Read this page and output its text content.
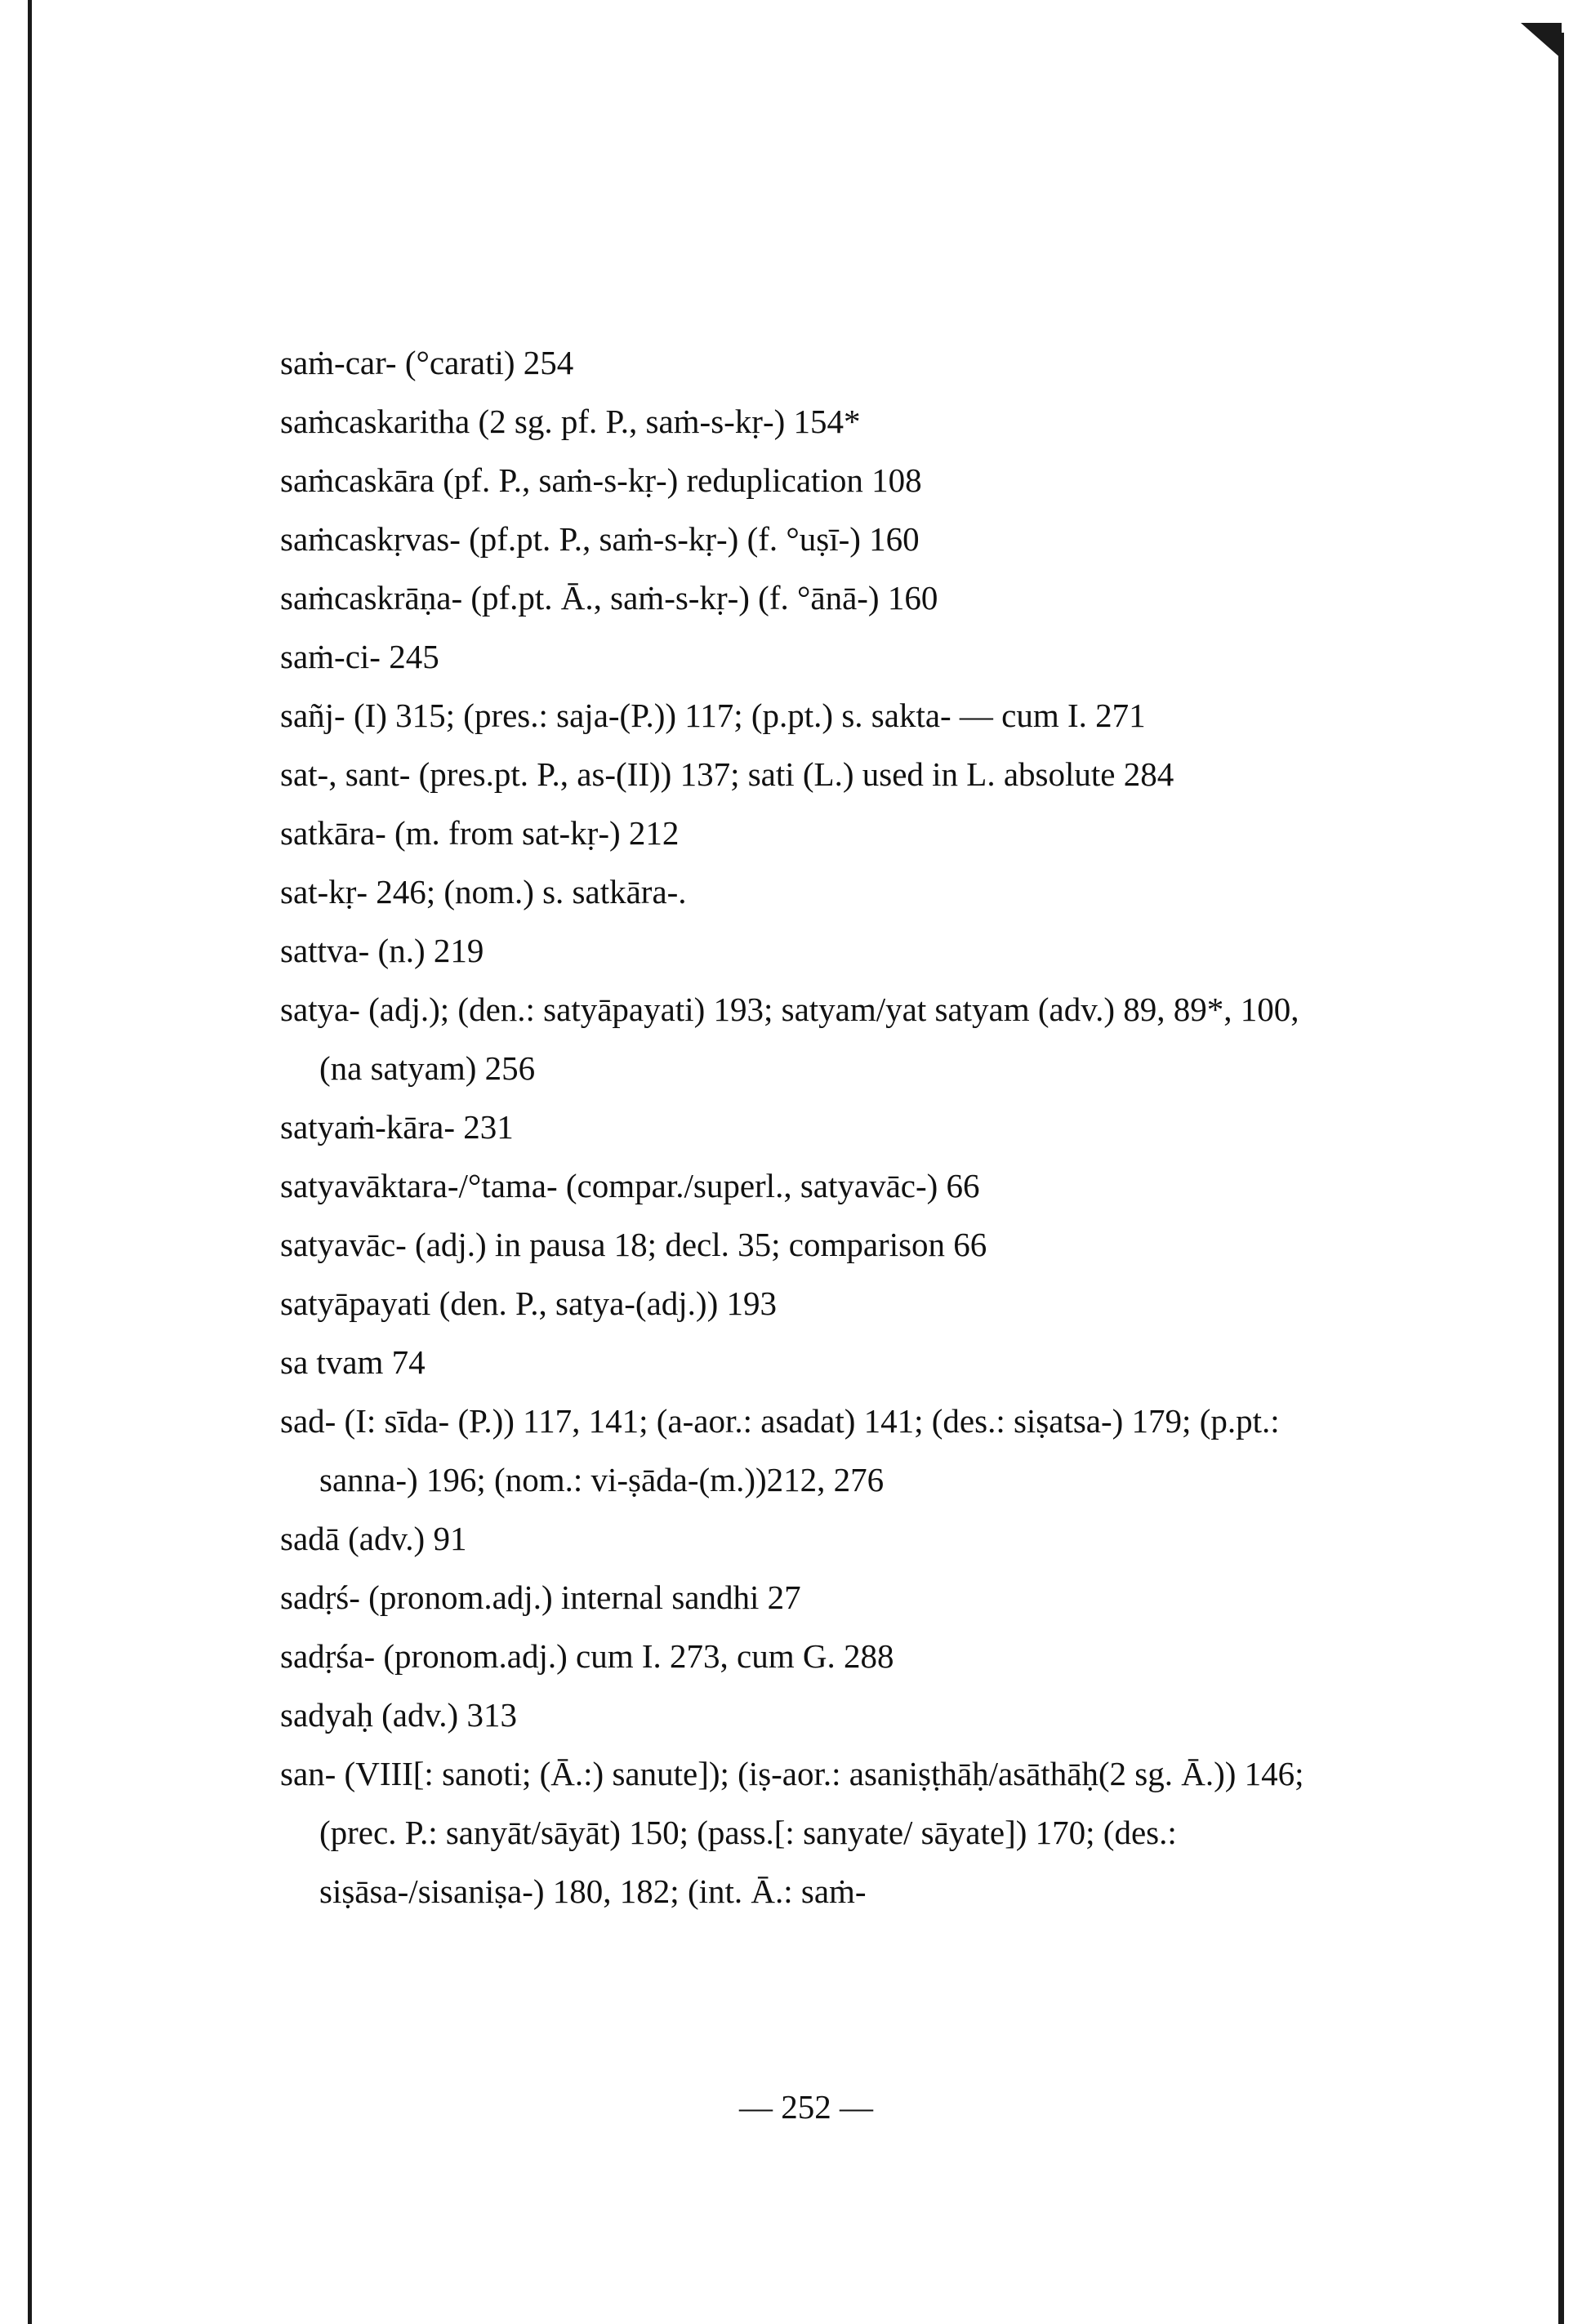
saṁ-car- (°carati) 254
saṁcaskaritha (2 sg. pf. P., saṁ-s-kṛ-) 154*
saṁcaskāra (pf. P., saṁ-s-kṛ-) reduplication 108
saṁcaskṛvas- (pf.pt. P., saṁ-s-kṛ-) (f. °uṣī-) 160
saṁcaskrāṇa- (pf.pt. Ā., saṁ-s-kṛ-) (f. °ānā-) 160
saṁ-ci- 245
sañj- (I) 315; (pres.: saja-(P.)) 117; (p.pt.) s. sakta- — cum I. 271
sat-, sant- (pres.pt. P., as-(II)) 137; sati (L.) used in L. absolute 284
satkāra- (m. from sat-kṛ-) 212
sat-kṛ- 246; (nom.) s. satkāra-.
sattva- (n.) 219
satya- (adj.); (den.: satyāpayati) 193; satyam/yat satyam (adv.) 89, 89*, 100, (na satyam) 256
satyaṁ-kāra- 231
satyavāktara-/°tama- (compar./superl., satyavāc-) 66
satyavāc- (adj.) in pausa 18; decl. 35; comparison 66
satyāpayati (den. P., satya-(adj.)) 193
sa tvam 74
sad- (I: sīda- (P.)) 117, 141; (a-aor.: asadat) 141; (des.: siṣatsa-) 179; (p.pt.: sanna-) 196; (nom.: vi-ṣāda-(m.))212, 276
sadā (adv.) 91
sadṛś- (pronom.adj.) internal sandhi 27
sadṛśa- (pronom.adj.) cum I. 273, cum G. 288
sadyaḥ (adv.) 313
san- (VIII[: sanoti; (Ā.:) sanute]); (iṣ-aor.: asaniṣṭhāḥ/asāthāḥ(2 sg. Ā.)) 146; (prec. P.: sanyāt/sāyāt) 150; (pass.[: sanyate/ sāyate]) 170; (des.: siṣāsa-/sisaniṣa-) 180, 182; (int. Ā.: saṁ-
— 252 —
